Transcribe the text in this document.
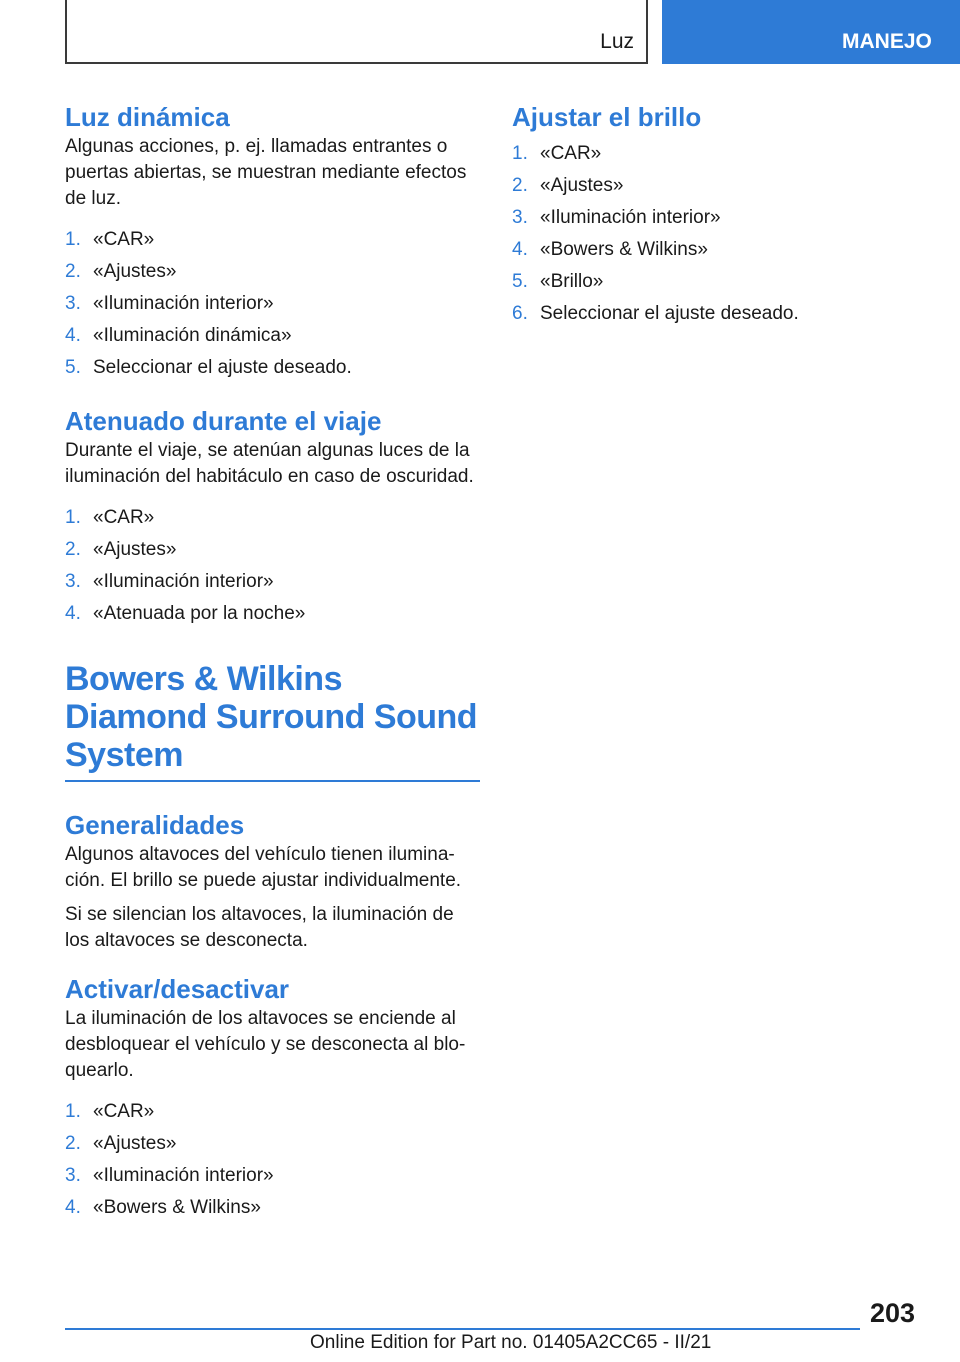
Luz	MANEJO
Luz dinámica

Algunas acciones, p. ej. llamadas entrantes o puertas abiertas, se muestran mediante efectos de luz.

1. «CAR»
2. «Ajustes»
3. «Iluminación interior»
4. «Iluminación dinámica»
5. Seleccionar el ajuste deseado.
Atenuado durante el viaje

Durante el viaje, se atenúan algunas luces de la iluminación del habitáculo en caso de oscuridad.

1. «CAR»
2. «Ajustes»
3. «Iluminación interior»
4. «Atenuada por la noche»
Bowers & Wilkins Diamond Surround Sound System
Generalidades

Algunos altavoces del vehículo tienen ilumina-ción. El brillo se puede ajustar individualmente.

Si se silencian los altavoces, la iluminación de los altavoces se desconecta.

Activar/desactivar

La iluminación de los altavoces se enciende al desbloquear el vehículo y se desconecta al blo-quearlo.

1. «CAR»
2. «Ajustes»
3. «Iluminación interior»
4. «Bowers & Wilkins»
Ajustar el brillo
1. «CAR»
2. «Ajustes»
3. «Iluminación interior»
4. «Bowers & Wilkins»
5. «Brillo»
6. Seleccionar el ajuste deseado.
203
Online Edition for Part no. 01405A2CC65 - II/21
